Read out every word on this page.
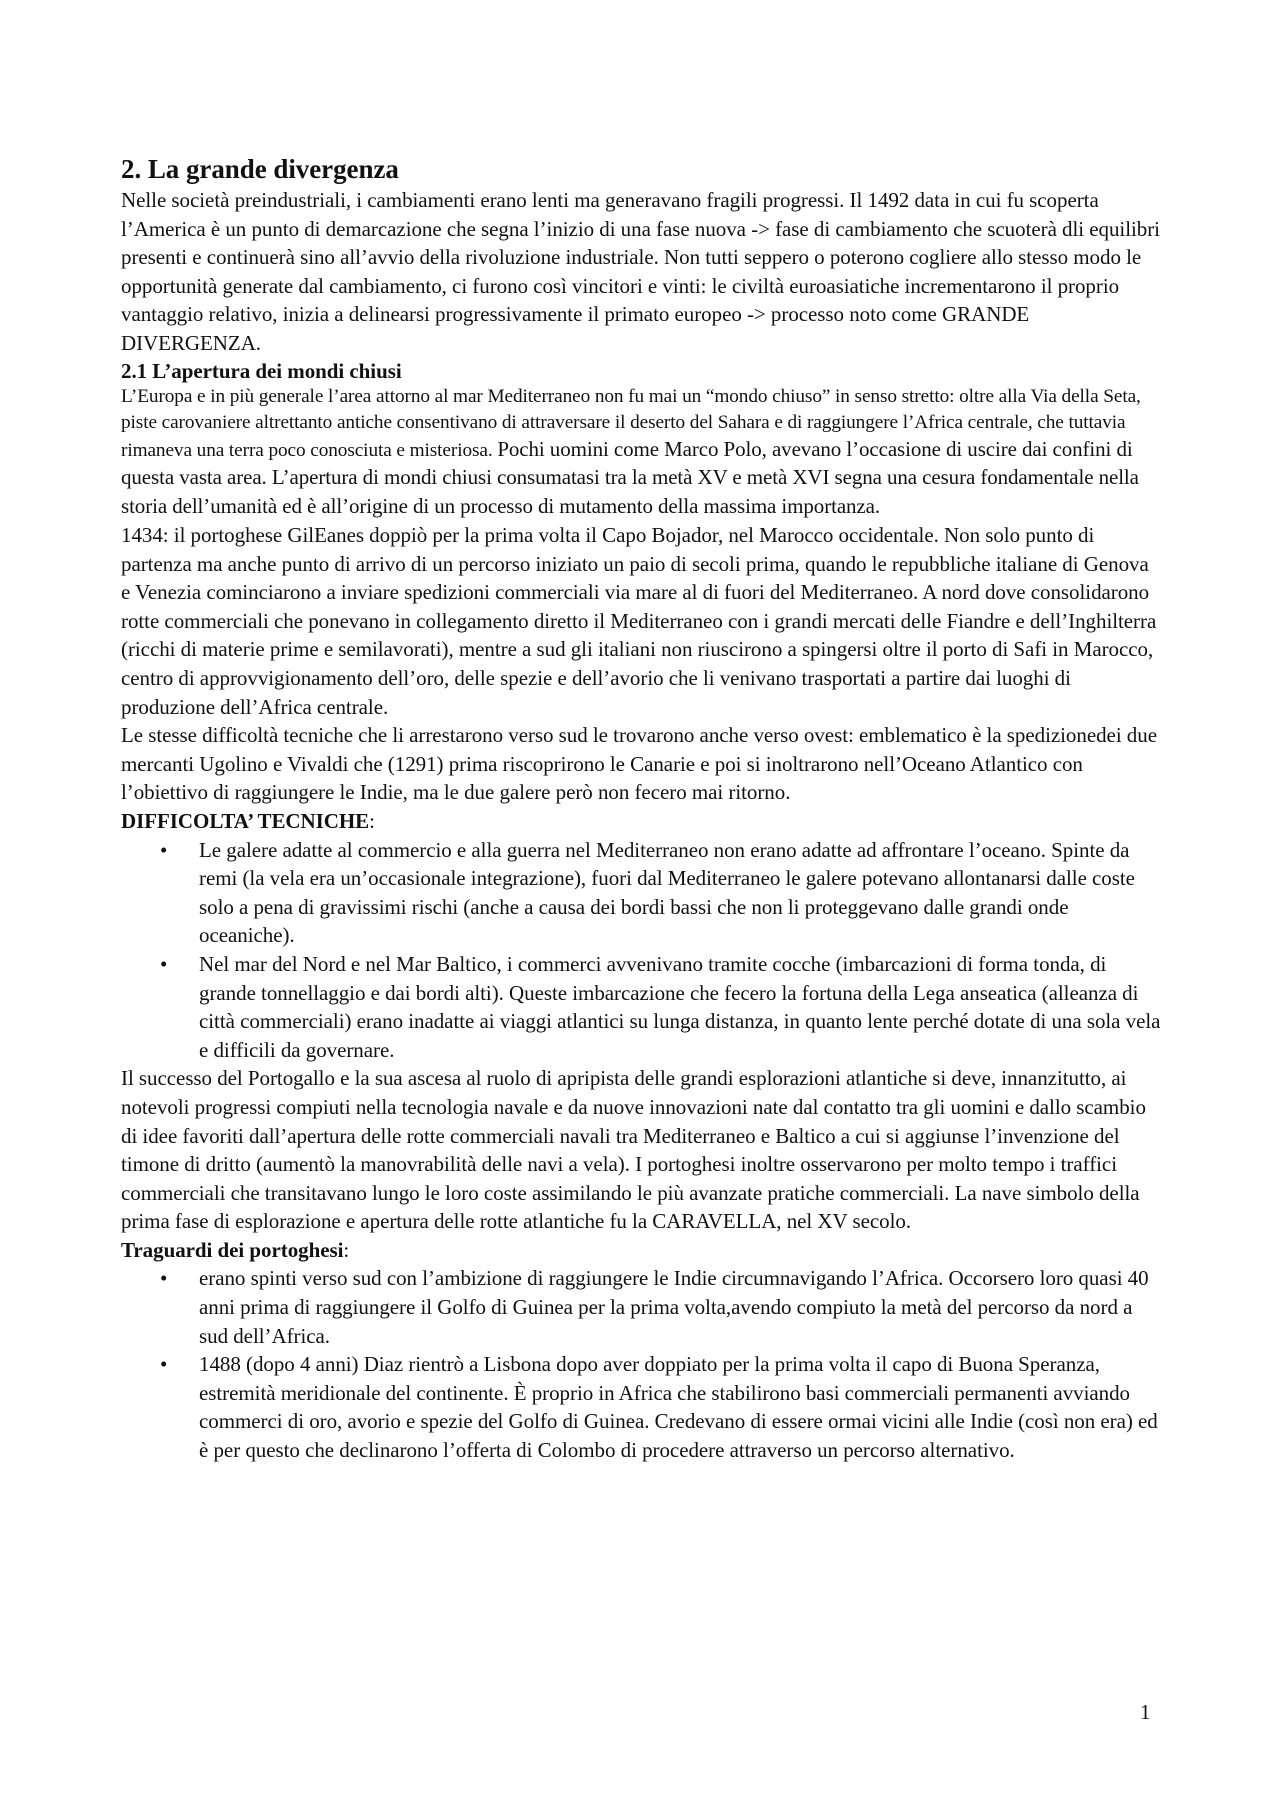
2. La grande divergenza

Nelle società preindustriali, i cambiamenti erano lenti ma generavano fragili progressi. Il 1492 data in cui fu scoperta l’America è un punto di demarcazione che segna l’inizio di una fase nuova -> fase di cambiamento che scuoterà dli equilibri presenti e continuerà sino all’avvio della rivoluzione industriale. Non tutti seppero o poterono cogliere allo stesso modo le opportunità generate dal cambiamento, ci furono così vincitori e vinti: le civiltà euroasiatiche incrementarono il proprio vantaggio relativo, inizia a delinearsi progressivamente il primato europeo -> processo noto come GRANDE DIVERGENZA.

2.1 L’apertura dei mondi chiusi

L’Europa e in più generale l’area attorno al mar Mediterraneo non fu mai un “mondo chiuso” in senso stretto: oltre alla Via della Seta, piste carovaniere altrettanto antiche consentivano di attraversare il deserto del Sahara e di raggiungere l’Africa centrale, che tuttavia rimaneva una terra poco conosciuta e misteriosa. Pochi uomini come Marco Polo, avevano l’occasione di uscire dai confini di questa vasta area. L’apertura di mondi chiusi consumatasi tra la metà XV e metà XVI segna una cesura fondamentale nella storia dell’umanità ed è all’origine di un processo di mutamento della massima importanza.

1434: il portoghese GilEanes doppiò per la prima volta il Capo Bojador, nel Marocco occidentale. Non solo punto di partenza ma anche punto di arrivo di un percorso iniziato un paio di secoli prima, quando le repubbliche italiane di Genova e Venezia cominciarono a inviare spedizioni commerciali via mare al di fuori del Mediterraneo. A nord dove consolidarono rotte commerciali che ponevano in collegamento diretto il Mediterraneo con i grandi mercati delle Fiandre e dell’Inghilterra (ricchi di materie prime e semilavorati), mentre a sud gli italiani non riuscirono a spingersi oltre il porto di Safi in Marocco, centro di approvvigionamento dell’oro, delle spezie e dell’avorio che li venivano trasportati a partire dai luoghi di produzione dell’Africa centrale.

Le stesse difficoltà tecniche che li arrestarono verso sud le trovarono anche verso ovest: emblematico è la spedizionedei due mercanti Ugolino e Vivaldi che (1291) prima riscoprirono le Canarie e poi si inoltrarono nell’Oceano Atlantico con l’obiettivo di raggiungere le Indie, ma le due galere però non fecero mai ritorno.

DIFFICOLTA’ TECNICHE:

• Le galere adatte al commercio e alla guerra nel Mediterraneo non erano adatte ad affrontare l’oceano. Spinte da remi (la vela era un’occasionale integrazione), fuori dal Mediterraneo le galere potevano allontanarsi dalle coste solo a pena di gravissimi rischi (anche a causa dei bordi bassi che non li proteggevano dalle grandi onde oceaniche).
• Nel mar del Nord e nel Mar Baltico, i commerci avvenivano tramite cocche (imbarcazioni di forma tonda, di grande tonnellaggio e dai bordi alti). Queste imbarcazione che fecero la fortuna della Lega anseatica (alleanza di città commerciali) erano inadatte ai viaggi atlantici su lunga distanza, in quanto lente perché dotate di una sola vela e difficili da governare.

Il successo del Portogallo e la sua ascesa al ruolo di apripista delle grandi esplorazioni atlantiche si deve, innanzitutto, ai notevoli progressi compiuti nella tecnologia navale e da nuove innovazioni nate dal contatto tra gli uomini e dallo scambio di idee favoriti dall’apertura delle rotte commerciali navali tra Mediterraneo e Baltico a cui si aggiunse l’invenzione del timone di dritto (aumentò la manovrabilità delle navi a vela). I portoghesi inoltre osservarono per molto tempo i traffici commerciali che transitavano lungo le loro coste assimilando le più avanzate pratiche commerciali. La nave simbolo della prima fase di esplorazione e apertura delle rotte atlantiche fu la CARAVELLA, nel XV secolo.

Traguardi dei portoghesi:

• erano spinti verso sud con l’ambizione di raggiungere le Indie circumnavigando l’Africa. Occorsero loro quasi 40 anni prima di raggiungere il Golfo di Guinea per la prima volta,avendo compiuto la metà del percorso da nord a sud dell’Africa.
• 1488 (dopo 4 anni) Diaz rientrò a Lisbona dopo aver doppiato per la prima volta il capo di Buona Speranza, estremità meridionale del continente. È proprio in Africa che stabilirono basi commerciali permanenti avviando commerci di oro, avorio e spezie del Golfo di Guinea. Credevano di essere ormai vicini alle Indie (così non era) ed è per questo che declinarono l’offerta di Colombo di procedere attraverso un percorso alternativo.
1
